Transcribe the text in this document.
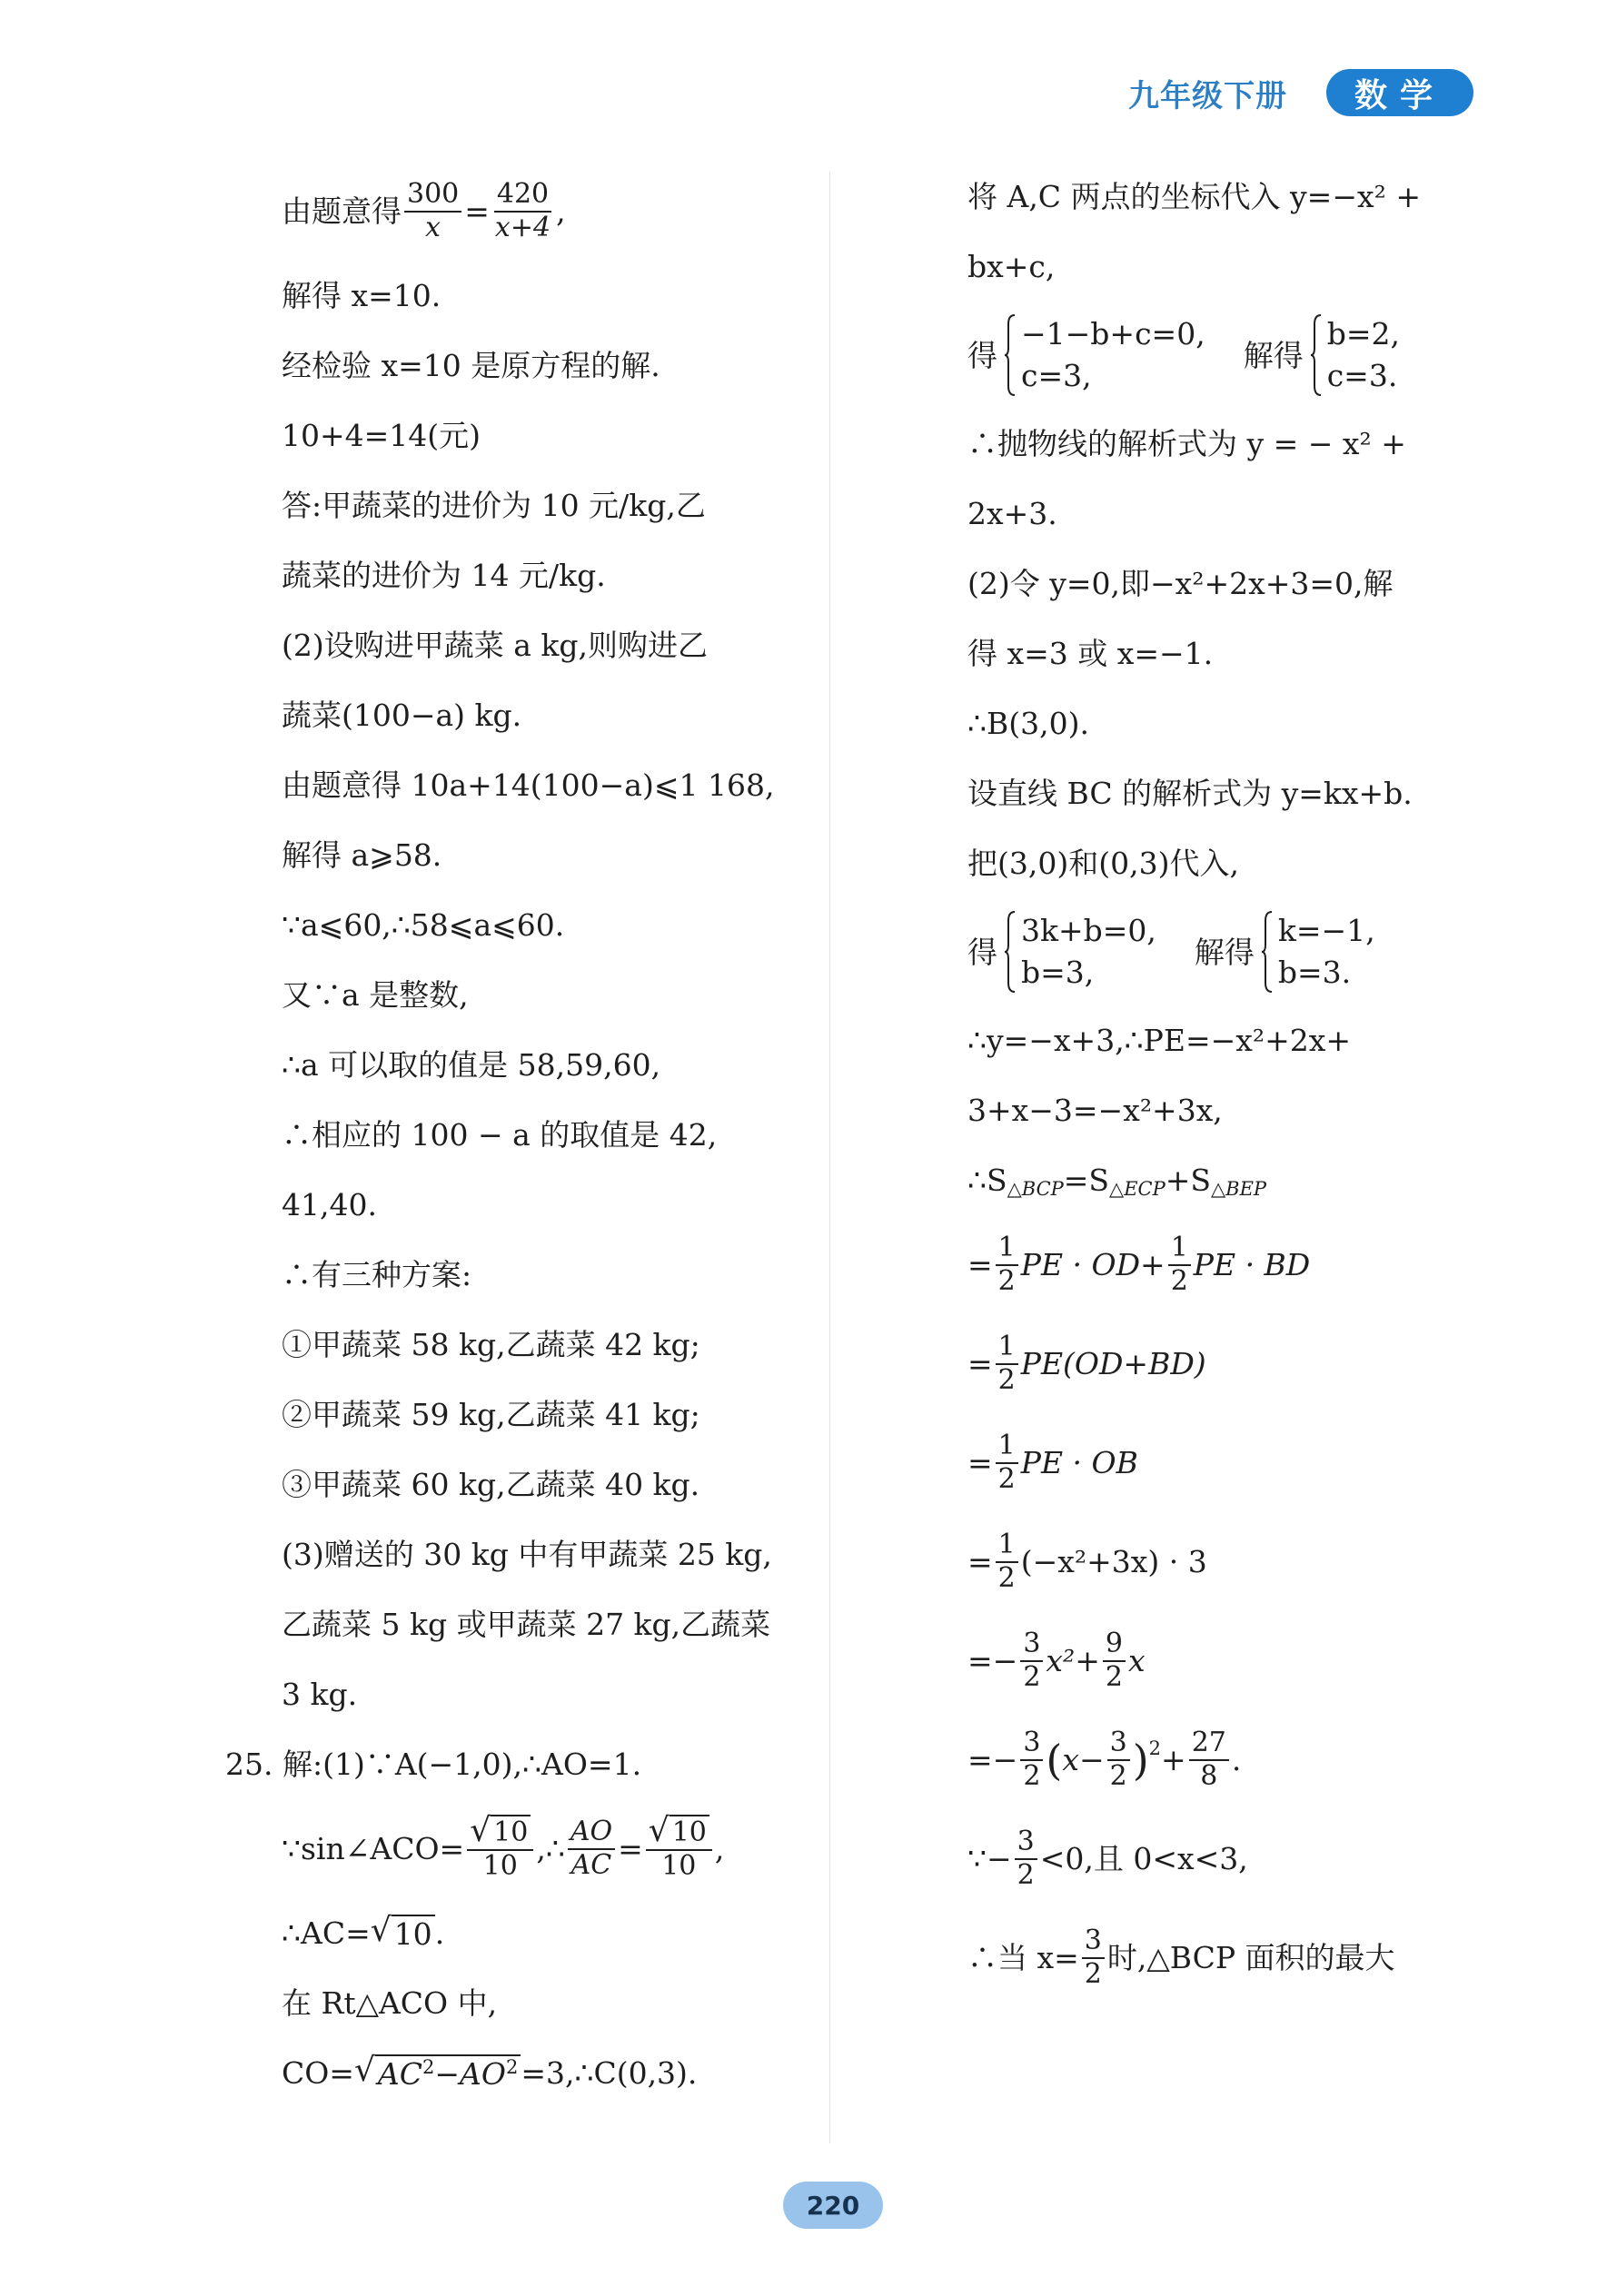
九年级下册	数学
由题意得 $\frac{300}{x} = \frac{420}{x+4}$ ,
解得 x=10.
经检验 x=10 是原方程的解.
10+4=14(元)
答:甲蔬菜的进价为 10 元/kg,乙
蔬菜的进价为 14 元/kg.
(2)设购进甲蔬菜 a kg,则购进乙
蔬菜(100−a) kg.
由题意得 10a+14(100−a)⩽1 168,
解得 a⩾58.
∵a⩽60,∴58⩽a⩽60.
又∵a 是整数,
∴a 可以取的值是 58,59,60,
∴相应的 100 − a 的取值是 42,
41,40.
∴有三种方案:
①甲蔬菜 58 kg,乙蔬菜 42 kg;
②甲蔬菜 59 kg,乙蔬菜 41 kg;
③甲蔬菜 60 kg,乙蔬菜 40 kg.
(3)赠送的 30 kg 中有甲蔬菜 25 kg,
乙蔬菜 5 kg 或甲蔬菜 27 kg,乙蔬菜
3 kg.
25. 解:(1)∵A(−1,0),∴AO=1.
∵sin∠ACO= $\frac{√ 10}{10}$ ,∴ $\frac{AO}{AC} = \frac{√ 10}{10}$ ,
∴AC= √ 10 .
在 Rt△ACO 中,
CO= √ $AC^2-AO^2$ =3,∴C(0,3).
将 A,C 两点的坐标代入 y=−x² +
bx+c,
得
−1−b+c=0,
c=3,
解得
b=2,
c=3.
∴抛物线的解析式为 y = − x² +
2x+3.
(2)令 y=0,即−x²+2x+3=0,解
得 x=3 或 x=−1.
∴B(3,0).
设直线 BC 的解析式为 y=kx+b.
把(3,0)和(0,3)代入,
得
3k+b=0,
b=3,
解得
k=−1,
b=3.
∴y=−x+3,∴PE=−x²+2x+
3+x−3=−x²+3x,
∴S △BCP =S △ECP +S △BEP
= $\frac{1}{2}$ PE · $OD+ \frac{1}{2}$ PE · BD
= $\frac{1}{2} PE(OD+BD)$
= $\frac{1}{2}$ PE · OB
= $\frac{1}{2} (-x^2+3x) \cdot 3$
=− $\frac{3}{2} x^2+ \frac{9}{2}$ x
=− $\frac{3}{2}$ ( $x- \frac{3}{2}$ ) $2 + \frac{27}{8}$ .
∵− $\frac{3}{2} <0$,且 0<x<3,
∴当 $x= \frac{3}{2}$ 时,△BCP 面积的最大
220
